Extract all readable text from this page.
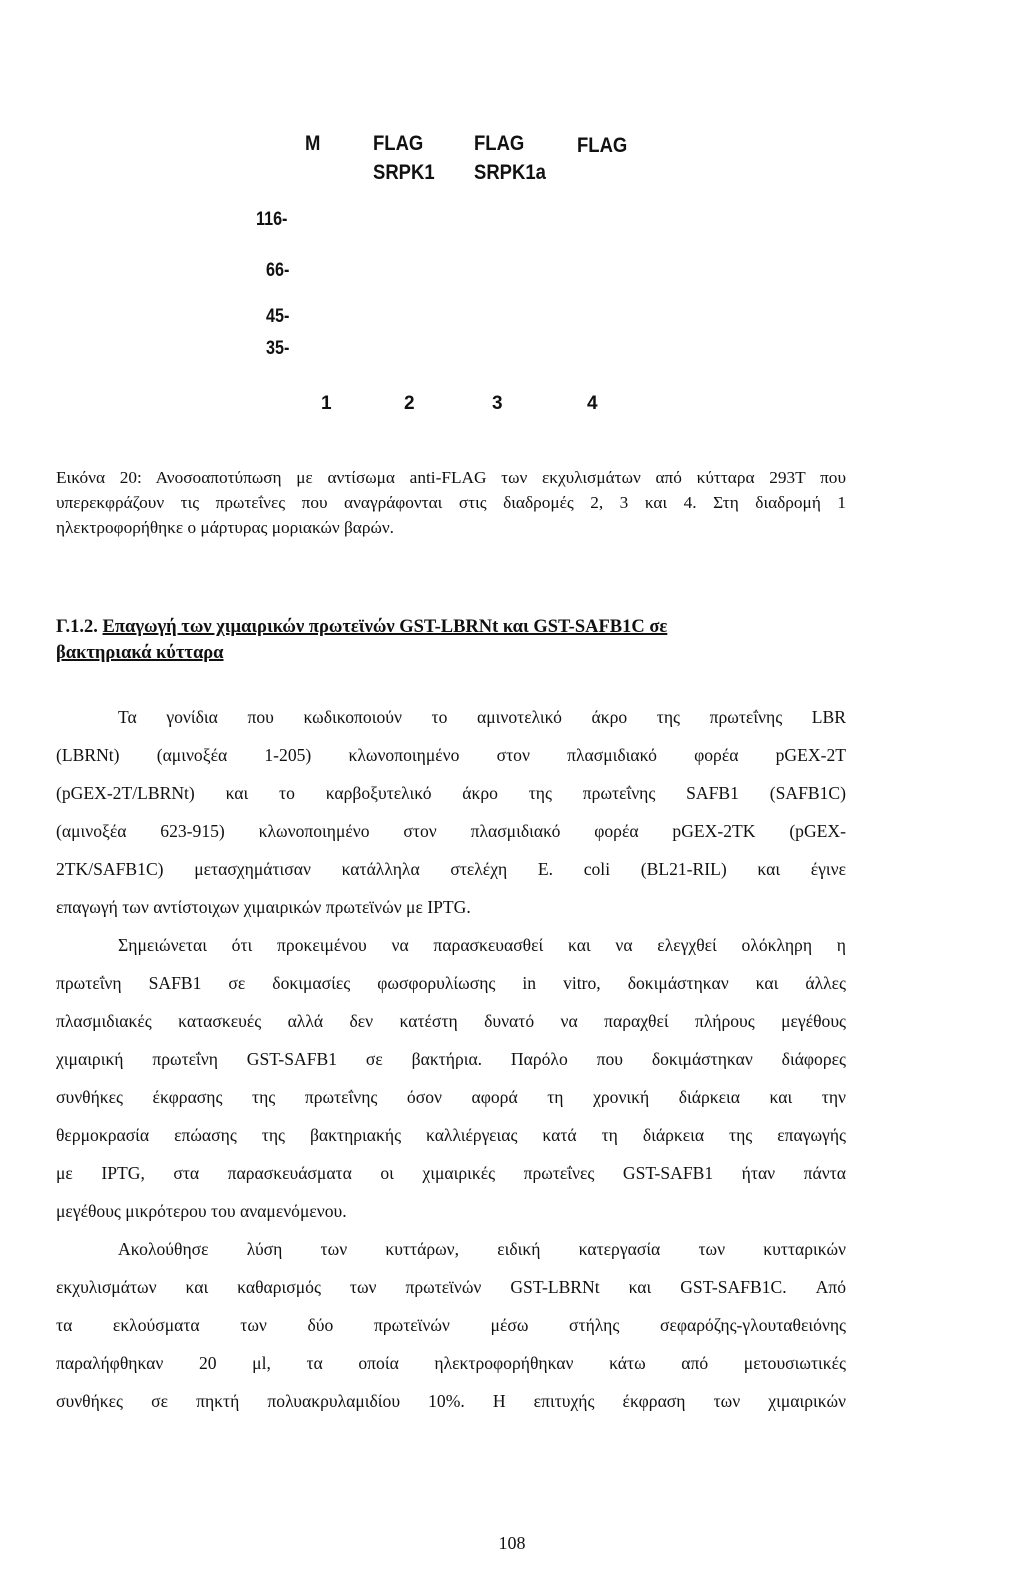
M	FLAG
SRPK1
FLAG
SRPK1a
FLAG
116-
66-
45-
35-
1	2	3	4

Εικόνα 20: Ανοσοαποτύπωση με αντίσωμα anti-FLAG των εκχυλισμάτων από κύτταρα 293T που
υπερεκφράζουν τις πρωτεΐνες που αναγράφονται στις διαδρομές 2, 3 και 4. Στη διαδρομή 1
ηλεκτροφορήθηκε ο μάρτυρας μοριακών βαρών.

Γ.1.2. Επαγωγή των χιμαιρικών πρωτεϊνών GST-LBRNt και GST-SAFB1C σε
βακτηριακά κύτταρα
Τα γονίδια που κωδικοποιούν το αμινοτελικό άκρο της πρωτεΐνης LBR
(LBRNt) (αμινοξέα 1-205) κλωνοποιημένο στον πλασμιδιακό φορέα pGEX-2T
(pGEX-2T/LBRNt) και το καρβοξυτελικό άκρο της πρωτεΐνης SAFB1 (SAFB1C)
(αμινοξέα 623-915) κλωνοποιημένο στον πλασμιδιακό φορέα pGEX-2TK (pGEX-
2TK/SAFB1C) μετασχημάτισαν κατάλληλα στελέχη E. coli (BL21-RIL) και έγινε
επαγωγή των αντίστοιχων χιμαιρικών πρωτεϊνών με IPTG.
Σημειώνεται ότι προκειμένου να παρασκευασθεί και να ελεγχθεί ολόκληρη η
πρωτεΐνη SAFB1 σε δοκιμασίες φωσφορυλίωσης in vitro, δοκιμάστηκαν και άλλες
πλασμιδιακές κατασκευές αλλά δεν κατέστη δυνατό να παραχθεί πλήρους μεγέθους
χιμαιρική πρωτεΐνη GST-SAFB1 σε βακτήρια. Παρόλο που δοκιμάστηκαν διάφορες
συνθήκες έκφρασης της πρωτεΐνης όσον αφορά τη χρονική διάρκεια και την
θερμοκρασία επώασης της βακτηριακής καλλιέργειας κατά τη διάρκεια της επαγωγής
με IPTG, στα παρασκευάσματα οι χιμαιρικές πρωτεΐνες GST-SAFB1 ήταν πάντα
μεγέθους μικρότερου του αναμενόμενου.
Ακολούθησε λύση των κυττάρων, ειδική κατεργασία των κυτταρικών
εκχυλισμάτων και καθαρισμός των πρωτεϊνών GST-LBRNt και GST-SAFB1C. Από
τα εκλούσματα των δύο πρωτεϊνών μέσω στήλης σεφαρόζης-γλουταθειόνης
παραλήφθηκαν 20 μl, τα οποία ηλεκτροφορήθηκαν κάτω από μετουσιωτικές
συνθήκες σε πηκτή πολυακρυλαμιδίου 10%. Η επιτυχής έκφραση των χιμαιρικών
108
